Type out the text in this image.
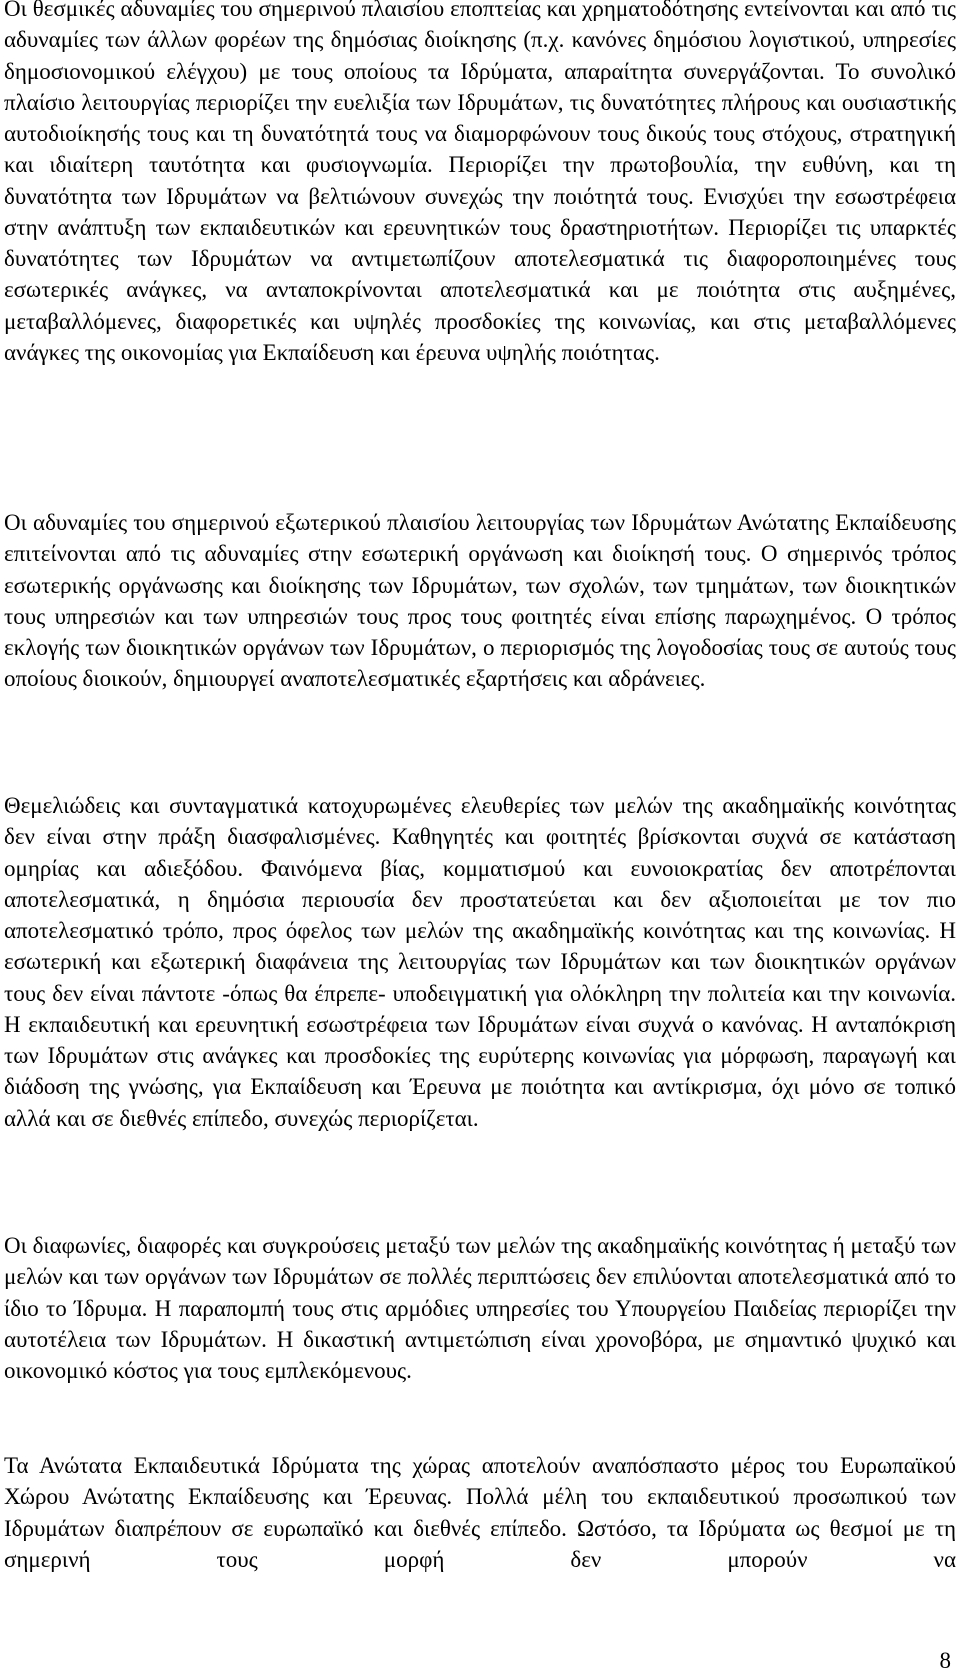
Οι θεσμικές αδυναμίες του σημερινού πλαισίου εποπτείας και χρηματοδότησης εντείνονται και από τις αδυναμίες των άλλων φορέων της δημόσιας διοίκησης (π.χ. κανόνες δημόσιου λογιστικού, υπηρεσίες δημοσιονομικού ελέγχου) με τους οποίους τα Ιδρύματα, απαραίτητα συνεργάζονται. Το συνολικό πλαίσιο λειτουργίας περιορίζει την ευελιξία των Ιδρυμάτων, τις δυνατότητες πλήρους και ουσιαστικής αυτοδιοίκησής τους και τη δυνατότητά τους να διαμορφώνουν τους δικούς τους στόχους, στρατηγική και ιδιαίτερη ταυτότητα και φυσιογνωμία. Περιορίζει την πρωτοβουλία, την ευθύνη, και τη δυνατότητα των Ιδρυμάτων να βελτιώνουν συνεχώς την ποιότητά τους. Ενισχύει την εσωστρέφεια στην ανάπτυξη των εκπαιδευτικών και ερευνητικών τους δραστηριοτήτων. Περιορίζει τις υπαρκτές δυνατότητες των Ιδρυμάτων να αντιμετωπίζουν αποτελεσματικά τις διαφοροποιημένες τους εσωτερικές ανάγκες, να ανταποκρίνονται αποτελεσματικά και με ποιότητα στις αυξημένες, μεταβαλλόμενες, διαφορετικές και υψηλές προσδοκίες της κοινωνίας, και στις μεταβαλλόμενες ανάγκες της οικονομίας για Εκπαίδευση και έρευνα υψηλής ποιότητας.

Οι αδυναμίες του σημερινού εξωτερικού πλαισίου λειτουργίας των Ιδρυμάτων Ανώτατης Εκπαίδευσης επιτείνονται από τις αδυναμίες στην εσωτερική οργάνωση και διοίκησή τους. Ο σημερινός τρόπος εσωτερικής οργάνωσης και διοίκησης των Ιδρυμάτων, των σχολών, των τμημάτων, των διοικητικών τους υπηρεσιών και των υπηρεσιών τους προς τους φοιτητές είναι επίσης παρωχημένος. Ο τρόπος εκλογής των διοικητικών οργάνων των Ιδρυμάτων, ο περιορισμός της λογοδοσίας τους σε αυτούς τους οποίους διοικούν, δημιουργεί αναποτελεσματικές εξαρτήσεις και αδράνειες.

Θεμελιώδεις και συνταγματικά κατοχυρωμένες ελευθερίες των μελών της ακαδημαϊκής κοινότητας δεν είναι στην πράξη διασφαλισμένες. Καθηγητές και φοιτητές βρίσκονται συχνά σε κατάσταση ομηρίας και αδιεξόδου. Φαινόμενα βίας, κομματισμού και ευνοιοκρατίας δεν αποτρέπονται αποτελεσματικά, η δημόσια περιουσία δεν προστατεύεται και δεν αξιοποιείται με τον πιο αποτελεσματικό τρόπο, προς όφελος των μελών της ακαδημαϊκής κοινότητας και της κοινωνίας. Η εσωτερική και εξωτερική διαφάνεια της λειτουργίας των Ιδρυμάτων και των διοικητικών οργάνων τους δεν είναι πάντοτε -όπως θα έπρεπε- υποδειγματική για ολόκληρη την πολιτεία και την κοινωνία. Η εκπαιδευτική και ερευνητική εσωστρέφεια των Ιδρυμάτων είναι συχνά ο κανόνας. Η ανταπόκριση των Ιδρυμάτων στις ανάγκες και προσδοκίες της ευρύτερης κοινωνίας για μόρφωση, παραγωγή και διάδοση της γνώσης, για Εκπαίδευση και Έρευνα με ποιότητα και αντίκρισμα, όχι μόνο σε τοπικό αλλά και σε διεθνές επίπεδο, συνεχώς περιορίζεται.

Οι διαφωνίες, διαφορές και συγκρούσεις μεταξύ των μελών της ακαδημαϊκής κοινότητας ή μεταξύ των μελών και των οργάνων των Ιδρυμάτων σε πολλές περιπτώσεις δεν επιλύονται αποτελεσματικά από το ίδιο το Ίδρυμα. Η παραπομπή τους στις αρμόδιες υπηρεσίες του Υπουργείου Παιδείας περιορίζει την αυτοτέλεια των Ιδρυμάτων. Η δικαστική αντιμετώπιση είναι χρονοβόρα, με σημαντικό ψυχικό και οικονομικό κόστος για τους εμπλεκόμενους.

Τα Ανώτατα Εκπαιδευτικά Ιδρύματα της χώρας αποτελούν αναπόσπαστο μέρος του Ευρωπαϊκού Χώρου Ανώτατης Εκπαίδευσης και Έρευνας. Πολλά μέλη του εκπαιδευτικού προσωπικού των Ιδρυμάτων διαπρέπουν σε ευρωπαϊκό και διεθνές επίπεδο. Ωστόσο, τα Ιδρύματα ως θεσμοί με τη σημερινή τους μορφή δεν μπορούν να

8
